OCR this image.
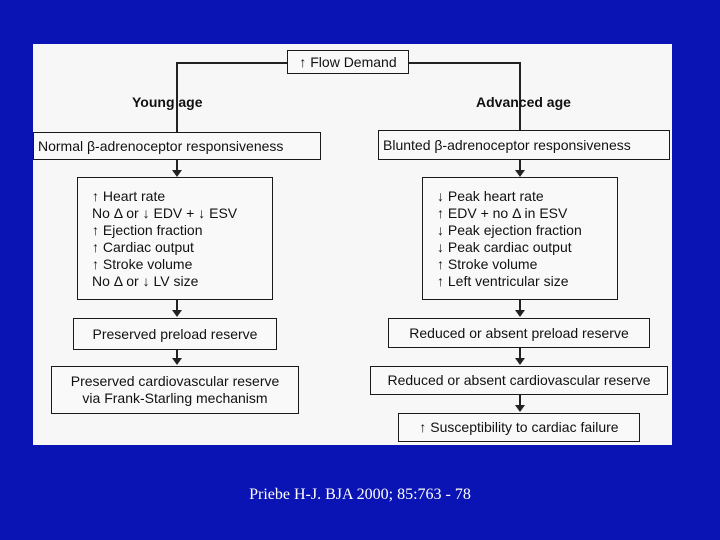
↑ Flow Demand
Young age	Advanced age
Normal β-adrenoceptor responsiveness
↑ Heart rate
No Δ or ↓ EDV + ↓ ESV
↑ Ejection fraction
↑ Cardiac output
↑ Stroke volume
No Δ or ↓ LV size
Preserved preload reserve
Preserved cardiovascular reserve
via Frank-Starling mechanism
Blunted β-adrenoceptor responsiveness
↓ Peak heart rate
↑ EDV + no Δ in ESV
↓ Peak ejection fraction
↓ Peak cardiac output
↑ Stroke volume
↑ Left ventricular size
Reduced or absent preload reserve
Reduced or absent cardiovascular reserve
↑ Susceptibility to cardiac failure
Priebe H-J. BJA 2000; 85:763 - 78
